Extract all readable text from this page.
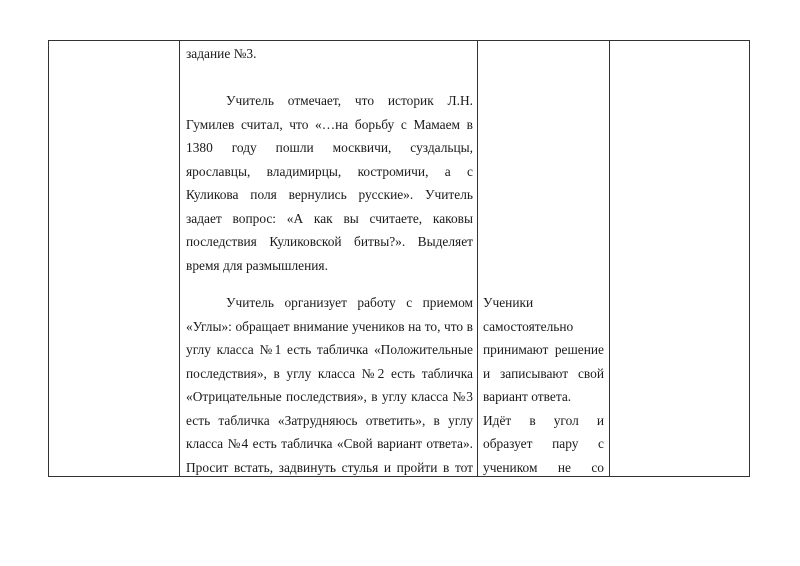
задание №3.
Учитель отмечает, что историк Л.Н.
Гумилев считал, что «…на борьбу с Мамаем в
1380 году пошли москвичи, суздальцы,
ярославцы, владимирцы, костромичи, а с
Куликова поля вернулись русские». Учитель
задает вопрос: «А как вы считаете, каковы
последствия Куликовской битвы?». Выделяет
время для размышления.
Учитель организует работу с приемом
«Углы»: обращает внимание учеников на то, что в
углу класса №1 есть табличка «Положительные
последствия», в углу класса №2 есть табличка
«Отрицательные последствия», в углу класса №3
есть табличка «Затрудняюсь ответить», в углу
класса №4 есть табличка «Свой вариант ответа».
Просит встать, задвинуть стулья и пройти в тот
Ученики
самостоятельно
принимают решение
и записывают свой
вариант ответа.
Идёт в угол и
образует пару с
учеником не со
